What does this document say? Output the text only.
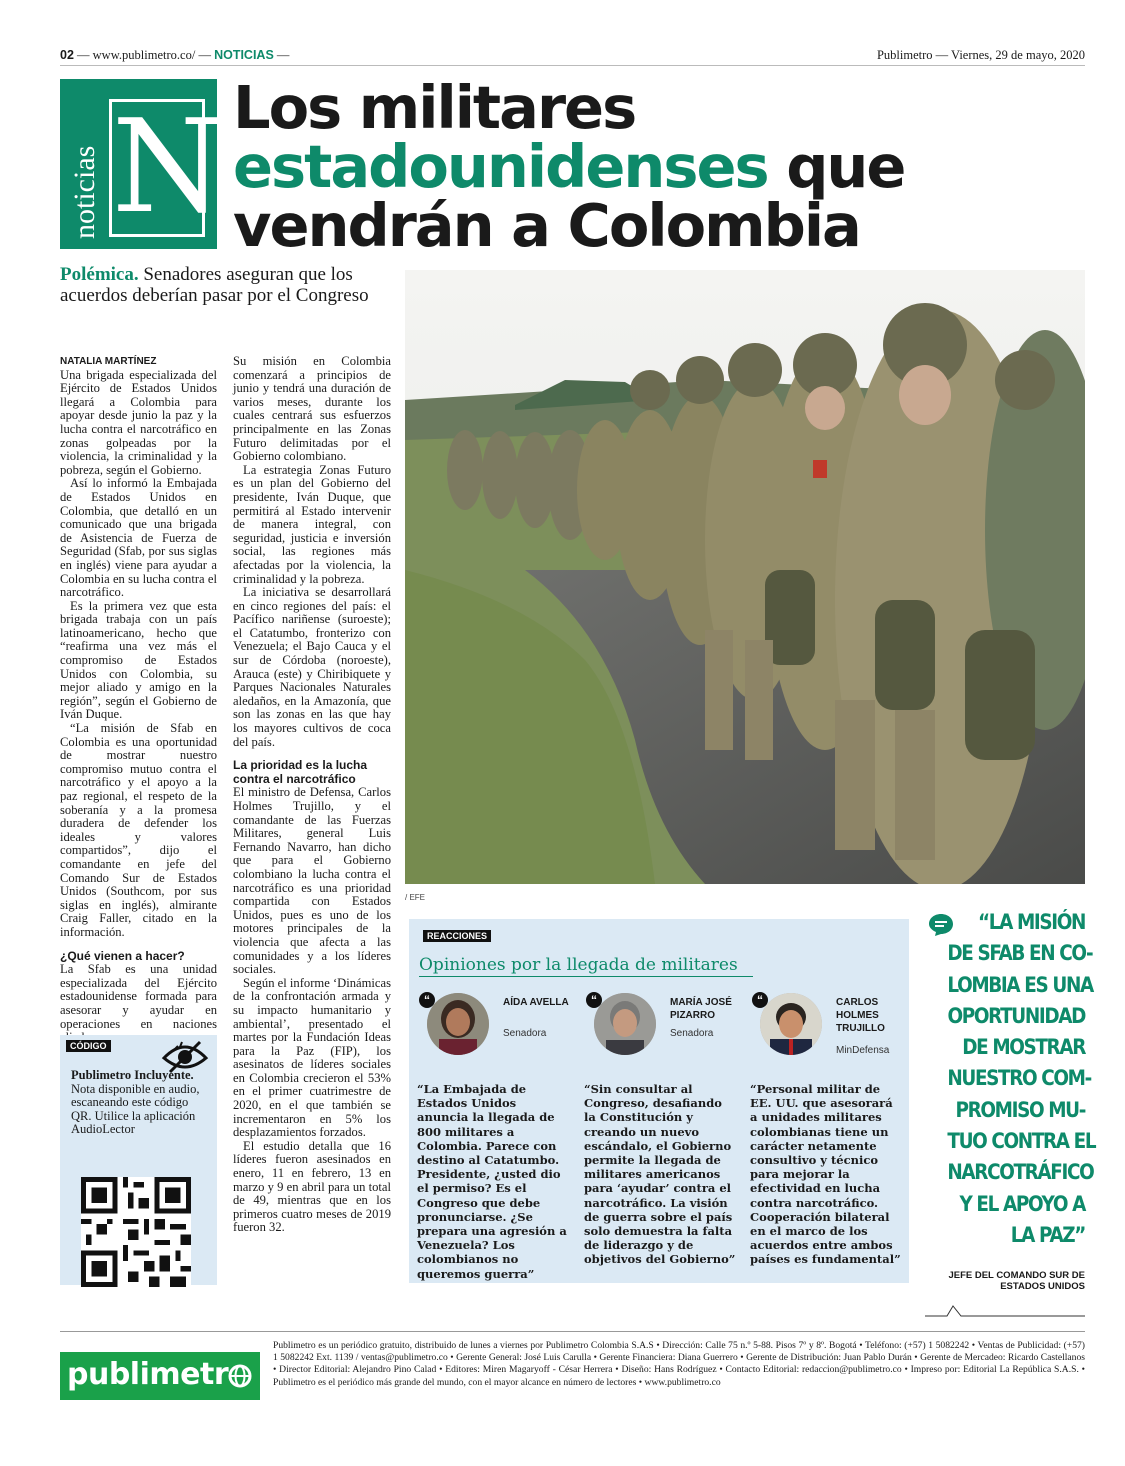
02 — www.publimetro.co/ — NOTICIAS —	Publimetro — Viernes, 29 de mayo, 2020
noticias N Los militares
estadounidenses que
vendrán a Colombia
Polémica. Senadores aseguran que los acuerdos deberían pasar por el Congreso
/ EFE

NATALIA MARTÍNEZ

Una brigada especializada del Ejército de Estados Unidos llegará a Colombia para apoyar desde junio la paz y la lucha contra el narcotráfico en zonas golpeadas por la violencia, la criminalidad y la pobreza, según el Gobierno.

Así lo informó la Embajada de Estados Unidos en Colombia, que detalló en un comunicado que una brigada de Asistencia de Fuerza de Seguridad (Sfab, por sus siglas en inglés) viene para ayudar a Colombia en su lucha contra el narcotráfico.

Es la primera vez que esta brigada trabaja con un país latinoamericano, hecho que “reafirma una vez más el compromiso de Estados Unidos con Colombia, su mejor aliado y amigo en la región”, según el Gobierno de Iván Duque.

“La misión de Sfab en Colombia es una oportunidad de mostrar nuestro compromiso mutuo contra el narcotráfico y el apoyo a la paz regional, el respeto de la soberanía y a la promesa duradera de defender los ideales y valores compartidos”, dijo el comandante en jefe del Comando Sur de Estados Unidos (Southcom, por sus siglas en inglés), almirante Craig Faller, citado en la información.

¿Qué vienen a hacer?

La Sfab es una unidad especializada del Ejército estadounidense formada para asesorar y ayudar en operaciones en naciones

Su misión en Colombia comenzará a principios de junio y tendrá una duración de varios meses, durante los cuales centrará sus esfuerzos principalmente en las Zonas Futuro delimitadas por el Gobierno colombiano.

La estrategia Zonas Futuro es un plan del Gobierno del presidente, Iván Duque, que permitirá al Estado intervenir de manera integral, con seguridad, justicia e inversión social, las regiones más afectadas por la violencia, la criminalidad y la pobreza.

La iniciativa se desarrollará en cinco regiones del país: el Pacífico nariñense (suroeste); el Catatumbo, fronterizo con Venezuela; el Bajo Cauca y el sur de Córdoba (noroeste), Arauca (este) y Chiribiquete y Parques Nacionales Naturales aledaños, en la Amazonía, que son las zonas en las que hay los mayores cultivos de coca del país.

La prioridad es la lucha contra el narcotráfico

El ministro de Defensa, Carlos Holmes Trujillo, y el comandante de las Fuerzas Militares, general Luis Fernando Navarro, han dicho que para el Gobierno colombiano la lucha contra el narcotráfico es una prioridad compartida con Estados Unidos, pues es uno de los motores principales de la violencia que afecta a las comunidades y a los líderes sociales.

Según el informe ‘Dinámicas de la confrontación armada y su impacto humanitario y ambiental’, presentado el martes por la Fundación Ideas para la Paz (FIP), los asesinatos de líderes sociales en Colombia crecieron el 53% en el primer cuatrimestre de 2020, en el que también se incrementaron en 5% los desplazamientos forzados.

El estudio detalla que 16 líderes fueron asesinados en enero, 11 en febrero, 13 en marzo y 9 en abril para un total de 49, mientras que en los primeros cuatro meses de 2019 fueron 32.

CÓDIGO
Publimetro Incluyente. Nota disponible en audio, escaneando este código QR. Utilice la aplicación AudioLector
REACCIONES
Opiniones por la llegada de militares
“	AÍDA AVELLA
Senadora
“La Embajada de Estados Unidos anuncia la llegada de 800 militares a Colombia. Parece con destino al Catatumbo. Presidente, ¿usted dio el permiso? Es el Congreso que debe pronunciarse. ¿Se prepara una agresión a Venezuela? Los colombianos no queremos guerra”
“	MARÍA JOSÉ PIZARRO
Senadora
“Sin consultar al Congreso, desafiando la Constitución y creando un nuevo escándalo, el Gobierno permite la llegada de militares americanos para ‘ayudar’ contra el narcotráfico. La visión de guerra sobre el país solo demuestra la falta de liderazgo y de objetivos del Gobierno”
“	CARLOS HOLMES TRUJILLO
MinDefensa
“Personal militar de EE. UU. que asesorará a unidades militares colombianas tiene un carácter netamente consultivo y técnico para mejorar la efectividad en lucha contra narcotráfico. Cooperación bilateral en el marco de los acuerdos entre ambos países es fundamental”
“LA MISIÓN
DE SFAB EN CO-
LOMBIA ES UNA
OPORTUNIDAD
DE MOSTRAR
NUESTRO COM-
PROMISO MU-
TUO CONTRA EL
NARCOTRÁFICO
Y EL APOYO A
LA PAZ”
JEFE DEL COMANDO SUR DE ESTADOS UNIDOS
publimetr
Publimetro es un periódico gratuito, distribuido de lunes a viernes por Publimetro Colombia S.A.S • Dirección: Calle 75 n.º 5-88. Pisos 7º y 8º. Bogotá • Teléfono: (+57) 1 5082242 • Ventas de Publicidad: (+57) 1 5082242 Ext. 1139 / ventas@publimetro.co • Gerente General: José Luis Carulla • Gerente Financiera: Diana Guerrero • Gerente de Distribución: Juan Pablo Durán • Gerente de Mercadeo: Ricardo Castellanos • Director Editorial: Alejandro Pino Calad • Editores: Miren Magaryoff - César Herrera • Diseño: Hans Rodríguez • Contacto Editorial: redaccion@publimetro.co • Impreso por: Editorial La República S.A.S. • Publimetro es el periódico más grande del mundo, con el mayor alcance en número de lectores • www.publimetro.co
